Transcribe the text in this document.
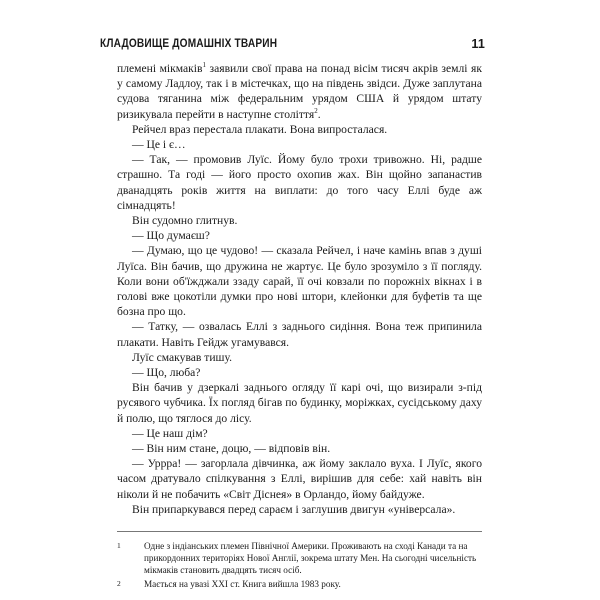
КЛАДОВИЩЕ ДОМАШНІХ ТВАРИН	11

племені мікмаків$^1$ заявили свої права на понад вісім тисяч акрів землі як у самому Ладлоу, так і в містечках, що на південь звідси. Дуже заплутана судова тяганина між федеральним урядом США й урядом штату ризикувала перейти в наступне століття$^2$.

Рейчел враз перестала плакати. Вона випросталася.

— Це і є…

— Так, — промовив Луїс. Йому було трохи тривожно. Ні, радше страшно. Та годі — його просто охопив жах. Він щойно запанастив дванадцять років життя на виплати: до того часу Еллі буде аж сімнадцять!

Він судомно глитнув.

— Що думаєш?

— Думаю, що це чудово! — сказала Рейчел, і наче камінь впав з душі Луїса. Він бачив, що дружина не жартує. Це було зрозуміло з її погляду. Коли вони об'їжджали ззаду сарай, її очі ковзали по порожніх вікнах і в голові вже цокотіли думки про нові штори, клейонки для буфетів та ще бозна про що.

— Татку, — озвалась Еллі з заднього сидіння. Вона теж припинила плакати. Навіть Гейдж угамувався.

Луїс смакував тишу.

— Що, люба?

Він бачив у дзеркалі заднього огляду її карі очі, що визирали з-під русявого чубчика. Їх погляд бігав по будинку, моріжках, сусідському даху й полю, що тяглося до лісу.

— Це наш дім?

— Він ним стане, доцю, — відповів він.

— Уррра! — загорлала дівчинка, аж йому заклало вуха. І Луїс, якого часом дратувало спілкування з Еллі, вирішив для себе: хай навіть він ніколи й не побачить «Світ Діснея» в Орландо, йому байдуже.

Він припаркувався перед сараєм і заглушив двигун «універсала».

1	Одне з індіанських племен Північної Америки. Проживають на сході Канади та на прикордонних територіях Нової Англії, зокрема штату Мен. На сьогодні чисельність мікмаків становить двадцять тисяч осіб.
2	Мається на увазі XXI ст. Книга вийшла 1983 року.
